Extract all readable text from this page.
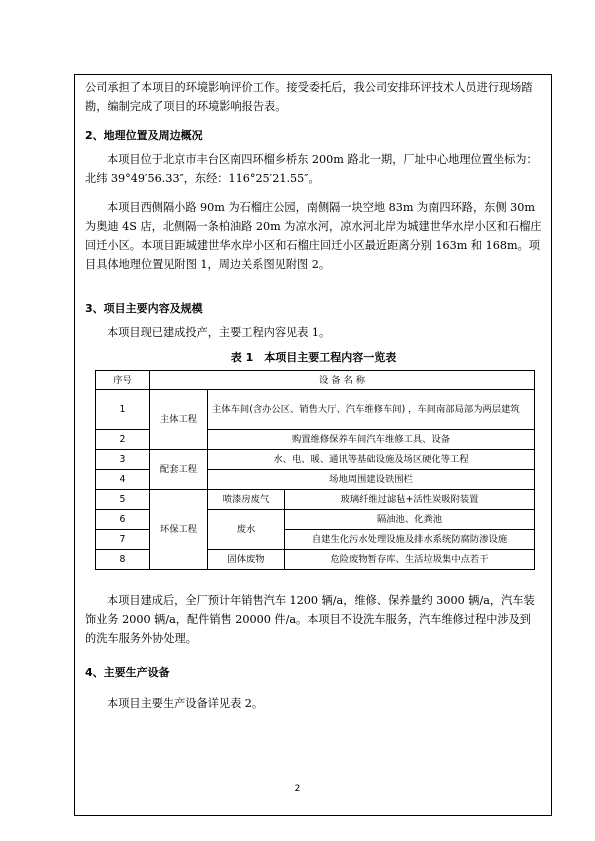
公司承担了本项目的环境影响评价工作。接受委托后，我公司安排环评技术人员进行现场踏勘，编制完成了项目的环境影响报告表。
2、地理位置及周边概况
本项目位于北京市丰台区南四环榴乡桥东 200m 路北一期，厂址中心地理位置坐标为：北纬 39°49′56.33″，东经：116°25′21.55″。
本项目西侧隔小路 90m 为石榴庄公园，南侧隔一块空地 83m 为南四环路，东侧 30m 为奥迪 4S 店，北侧隔一条柏油路 20m 为凉水河，凉水河北岸为城建世华水岸小区和石榴庄回迁小区。本项目距城建世华水岸小区和石榴庄回迁小区最近距离分别 163m 和 168m。项目具体地理位置见附图 1，周边关系图见附图 2。
3、项目主要内容及规模
本项目现已建成投产，主要工程内容见表 1。
表 1　本项目主要工程内容一览表
序号	设 备 名 称		
1	主体工程	主体车间(含办公区、销售大厅、汽车维修车间) ，车间南部局部为两层建筑	
2		购置维修保养车间汽车维修工具、设备	
3	配套工程	水、电、暖、通讯等基础设施及场区硬化等工程	
4		场地周围建设铁围栏	
5	环保工程	喷漆房废气	玻璃纤维过滤毡+活性炭吸附装置
6		废水	隔油池、化粪池
7			自建生化污水处理设施及排水系统防腐防渗设施
8		固体废物	危险废物暂存库、生活垃圾集中点若干
本项目建成后，全厂预计年销售汽车 1200 辆/a，维修、保养量约 3000 辆/a，汽车装饰业务 2000 辆/a，配件销售 20000 件/a。本项目不设洗车服务，汽车维修过程中涉及到的洗车服务外协处理。
4、主要生产设备
本项目主要生产设备详见表 2。
2
